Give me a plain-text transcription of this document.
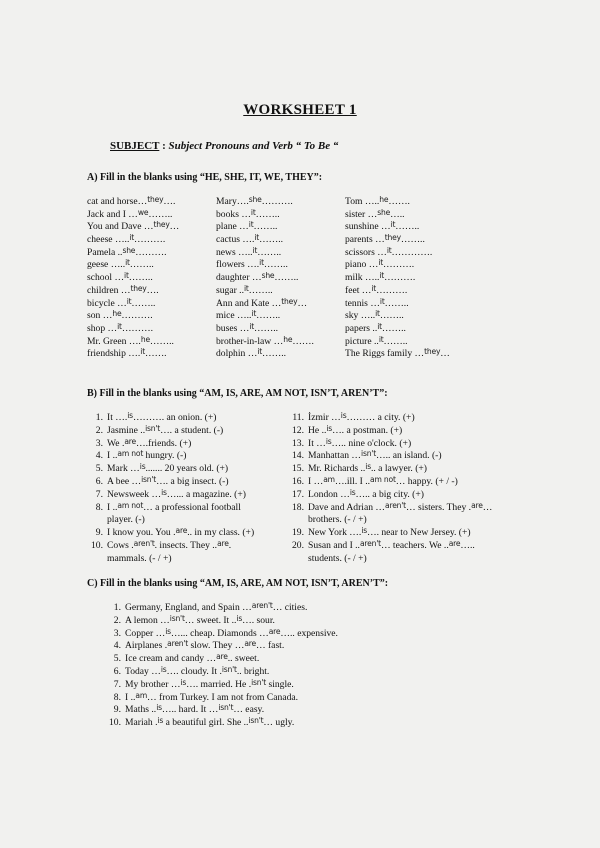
WORKSHEET 1
SUBJECT : Subject Pronouns and Verb “ To Be “
A) Fill in the blanks using “HE, SHE, IT, WE, THEY”:
cat and horse…$^{they}$….
Jack and I …$^{we}$……..
You and Dave …$^{they}$…
cheese …..$^{it}$……….
Pamela ..$^{she}$……….
geese …..$^{it}$……..
school …$^{it}$……..
children …$^{they}$….
bicycle …$^{it}$……..
son …$^{he}$……….
shop …$^{it}$……….
Mr. Green ….$^{he}$……..
friendship ….$^{it}$…….
Mary….$^{she}$……….
books …$^{it}$……..
plane …$^{it}$……..
cactus ….$^{it}$……..
news …..$^{it}$……..
flowers ….$^{it}$……..
daughter …$^{she}$……..
sugar ..$^{it}$……..
Ann and Kate …$^{they}$…
mice …..$^{it}$……..
buses …$^{it}$……..
brother-in-law …$^{he}$…….
dolphin …$^{it}$……..
Tom …..$^{he}$…….
sister …$^{she}$…..
sunshine …$^{it}$……..
parents …$^{they}$……..
scissors …$^{it}$………….
piano …$^{it}$……….
milk …..$^{it}$……….
feet …$^{it}$……….
tennis …$^{it}$……..
sky …..$^{it}$……..
papers ..$^{it}$……..
picture ..$^{it}$……..
The Riggs family …$^{they}$…
B) Fill in the blanks using “AM, IS, ARE, AM NOT, ISN’T, AREN’T”:
1. It ….$^{is}$………. an onion. (+)
2. Jasmine ..$^{isn't}$…. a student. (-)
3. We .$^{are}$….friends. (+)
4. I ..$^{am not}$ hungry. (-)
5. Mark …$^{is}$....... 20 years old. (+)
6. A bee …$^{isn't}$…. a big insect. (-)
7. Newsweek …$^{is}$…... a magazine. (+)
8. I ..$^{am not}$… a professional football
player. (-)
9. I know you. You .$^{are}$.. in my class. (+)
10. Cows .$^{aren't}$. insects. They ..$^{are}$.
mammals. (- / +)
11. İzmir …$^{is}$……… a city. (+)
12. He ..$^{is}$…. a postman. (+)
13. It …$^{is}$….. nine o'clock. (+)
14. Manhattan …$^{isn't}$….. an island. (-)
15. Mr. Richards ..$^{is}$.. a lawyer. (+)
16. I …$^{am}$….ill. I ..$^{am not}$… happy. (+ / -)
17. London …$^{is}$….. a big city. (+)
18. Dave and Adrian …$^{aren't}$… sisters. They .$^{are}$…
brothers. (- / +)
19. New York ….$^{is}$…. near to New Jersey. (+)
20. Susan and I ..$^{aren't}$… teachers. We ..$^{are}$…..
students. (- / +)
C) Fill in the blanks using “AM, IS, ARE, AM NOT, ISN’T, AREN’T”:
1. Germany, England, and Spain …$^{aren't}$… cities.
2. A lemon …$^{isn't}$… sweet. It ..$^{is}$…. sour.
3. Copper …$^{is}$…... cheap. Diamonds …$^{are}$….. expensive.
4. Airplanes .$^{aren't}$ slow. They …$^{are}$… fast.
5. Ice cream and candy …$^{are}$.. sweet.
6. Today …$^{is}$…. cloudy. It .$^{isn't}$.. bright.
7. My brother …$^{is}$…. married. He .$^{isn't}$ single.
8. I ..$^{am}$… from Turkey. I am not from Canada.
9. Maths ..$^{is}$….. hard. It …$^{isn't}$… easy.
10. Mariah .$^{is}$ a beautiful girl. She ..$^{isn't}$… ugly.
